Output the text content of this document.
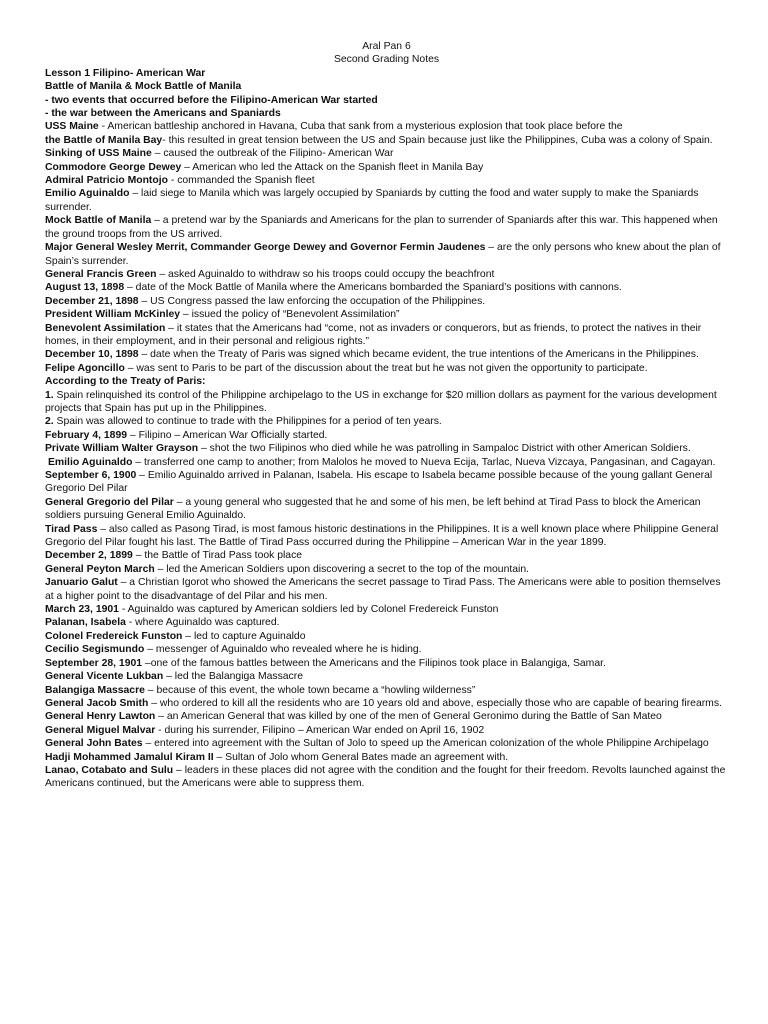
Aral Pan 6
Second Grading Notes
Lesson 1 Filipino- American War
Battle of Manila & Mock Battle of Manila
- two events that occurred before the Filipino-American War started
- the war between the Americans and Spaniards
USS Maine - American battleship anchored in Havana, Cuba that sank from a mysterious explosion that took place before the
the Battle of Manila Bay- this resulted in great tension between the US and Spain because just like the Philippines, Cuba was a colony of Spain.
Sinking of USS Maine – caused the outbreak of the Filipino- American War
Commodore George Dewey – American who led the Attack on the Spanish fleet in Manila Bay
Admiral Patricio Montojo - commanded the Spanish fleet
Emilio Aguinaldo – laid siege to Manila which was largely occupied by Spaniards by cutting the food and water supply to make the Spaniards surrender.
Mock Battle of Manila – a pretend war by the Spaniards and Americans for the plan to surrender of Spaniards after this war. This happened when the ground troops from the US arrived.
Major General Wesley Merrit, Commander George Dewey and Governor Fermin Jaudenes – are the only persons who knew about the plan of Spain’s surrender.
General Francis Green – asked Aguinaldo to withdraw so his troops could occupy the beachfront
August 13, 1898 – date of the Mock Battle of Manila where the Americans bombarded the Spaniard’s positions with cannons.
December 21, 1898 – US Congress passed the law enforcing the occupation of the Philippines.
President William McKinley – issued the policy of “Benevolent Assimilation”
Benevolent Assimilation – it states that the Americans had “come, not as invaders or conquerors, but as friends, to protect the natives in their homes, in their employment, and in their personal and religious rights.”
December 10, 1898 – date when the Treaty of Paris was signed which became evident, the true intentions of the Americans in the Philippines.
Felipe Agoncillo – was sent to Paris to be part of the discussion about the treat but he was not given the opportunity to participate.
According to the Treaty of Paris:
1. Spain relinquished its control of the Philippine archipelago to the US in exchange for $20 million dollars as payment for the various development projects that Spain has put up in the Philippines.
2. Spain was allowed to continue to trade with the Philippines for a period of ten years.
February 4, 1899 – Filipino – American War Officially started.
Private William Walter Grayson – shot the two Filipinos who died while he was patrolling in Sampaloc District with other American Soldiers.
Emilio Aguinaldo – transferred one camp to another; from Malolos he moved to Nueva Ecija, Tarlac, Nueva Vizcaya, Pangasinan, and Cagayan.
September 6, 1900 – Emilio Aguinaldo arrived in Palanan, Isabela. His escape to Isabela became possible because of the young gallant General Gregorio Del Pilar
General Gregorio del Pilar – a young general who suggested that he and some of his men, be left behind at Tirad Pass to block the American soldiers pursuing General Emilio Aguinaldo.
Tirad Pass – also called as Pasong Tirad, is most famous historic destinations in the Philippines. It is a well known place where Philippine General Gregorio del Pilar fought his last. The Battle of Tirad Pass occurred during the Philippine – American War in the year 1899.
December 2, 1899 – the Battle of Tirad Pass took place
General Peyton March – led the American Soldiers upon discovering a secret to the top of the mountain.
Januario Galut – a Christian Igorot who showed the Americans the secret passage to Tirad Pass. The Americans were able to position themselves at a higher point to the disadvantage of del Pilar and his men.
March 23, 1901 - Aguinaldo was captured by American soldiers led by Colonel Fredereick Funston
Palanan, Isabela - where Aguinaldo was captured.
Colonel Fredereick Funston – led to capture Aguinaldo
Cecilio Segismundo – messenger of Aguinaldo who revealed where he is hiding.
September 28, 1901 –one of the famous battles between the Americans and the Filipinos took place in Balangiga, Samar.
General Vicente Lukban – led the Balangiga Massacre
Balangiga Massacre – because of this event, the whole town became a “howling wilderness”
General Jacob Smith – who ordered to kill all the residents who are 10 years old and above, especially those who are capable of bearing firearms.
General Henry Lawton – an American General that was killed by one of the men of General Geronimo during the Battle of San Mateo
General Miguel Malvar - during his surrender, Filipino – American War ended on April 16, 1902
General John Bates – entered into agreement with the Sultan of Jolo to speed up the American colonization of the whole Philippine Archipelago
Hadji Mohammed Jamalul Kiram II – Sultan of Jolo whom General Bates made an agreement with.
Lanao, Cotabato and Sulu – leaders in these places did not agree with the condition and the fought for their freedom. Revolts launched against the Americans continued, but the Americans were able to suppress them.
